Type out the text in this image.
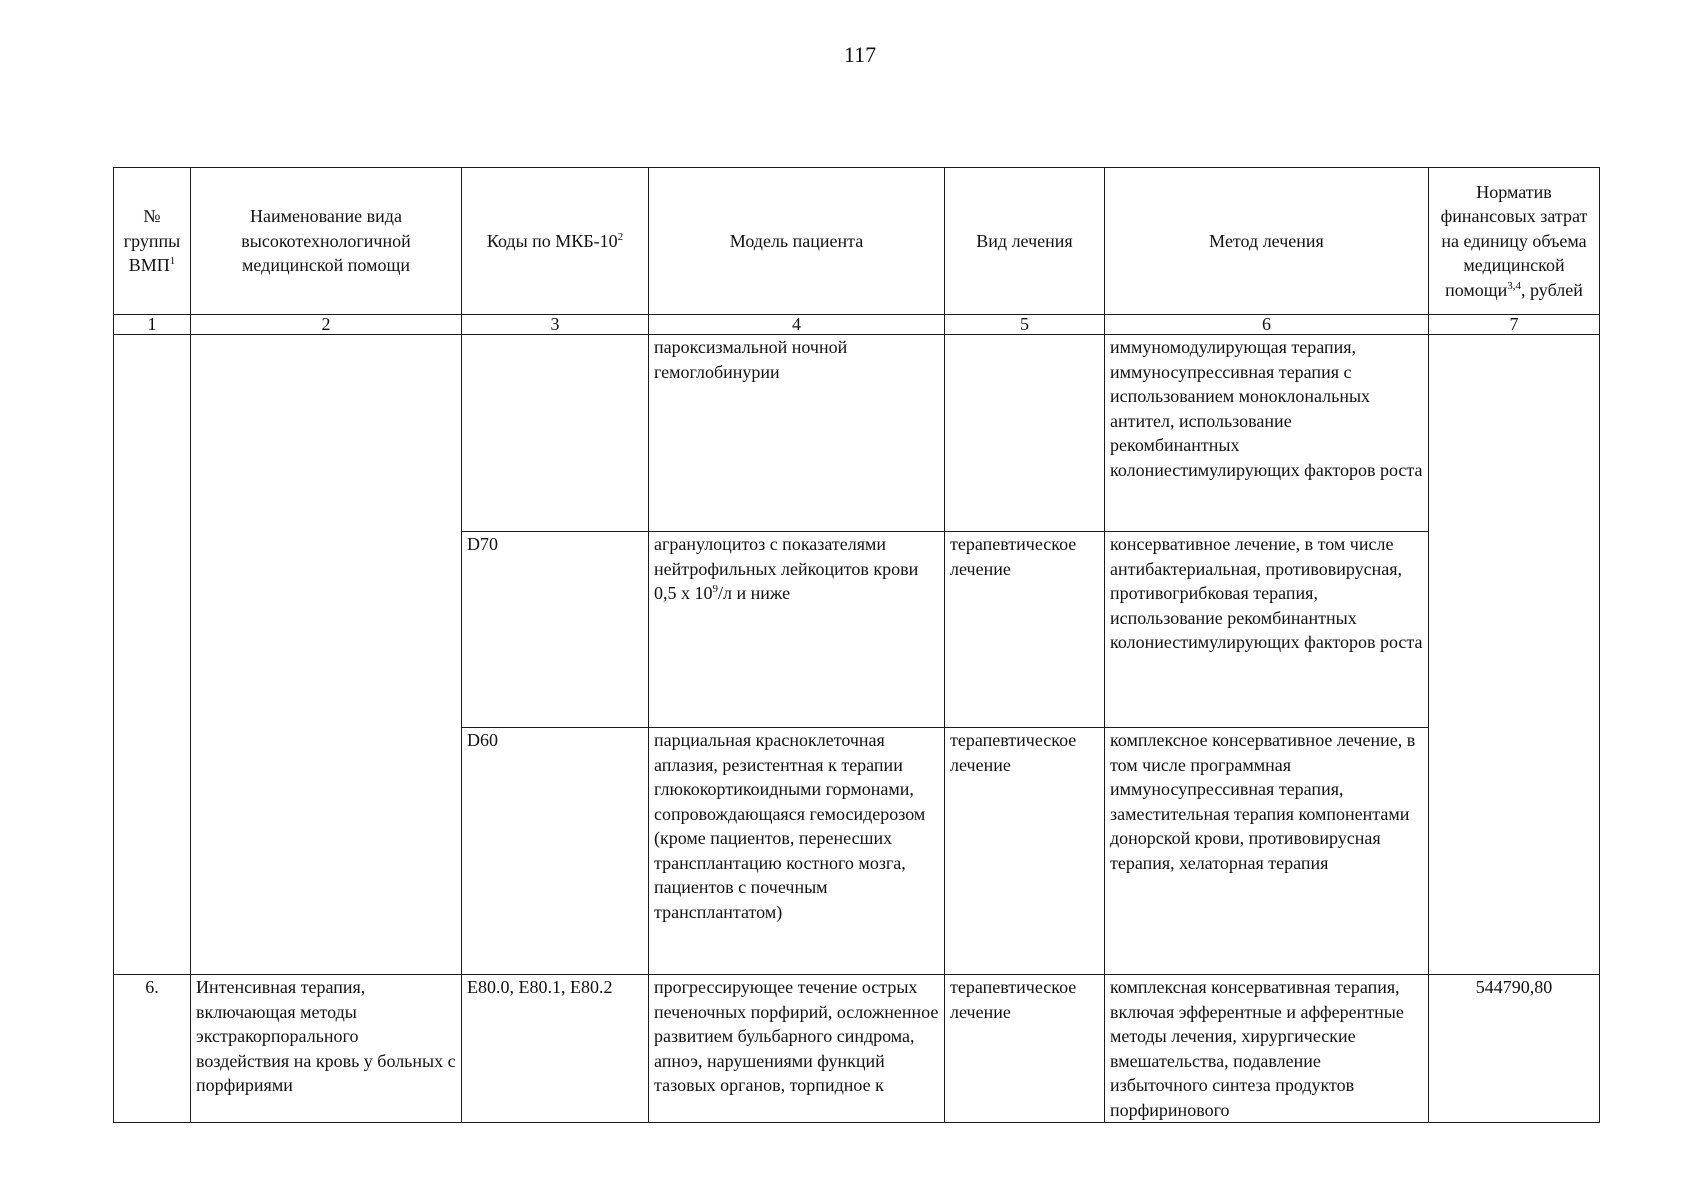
117
№
группы
ВМП$^1$	Наименование вида высокотехнологичной медицинской помощи	Коды по МКБ-$10^2$	Модель пациента	Вид лечения	Метод лечения	Норматив финансовых затрат на единицу объема медицинской помощи$^{3,4}$, рублей
1	2	3	4	5	6	7
			пароксизмальной ночной гемоглобинурии		иммуномодулирующая терапия, иммуносупрессивная терапия с использованием моноклональных антител, использование рекомбинантных колониестимулирующих факторов роста	
		D70	агранулоцитоз с показателями нейтрофильных лейкоцитов крови 0,5 x $10^9/л$ и ниже	терапевтическое лечение	консервативное лечение, в том числе антибактериальная, противовирусная, противогрибковая терапия, использование рекомбинантных колониестимулирующих факторов роста	
		D60	парциальная красноклеточная аплазия, резистентная к терапии глюкокортикоидными гормонами, сопровождающаяся гемосидерозом (кроме пациентов, перенесших трансплантацию костного мозга, пациентов с почечным трансплантатом)	терапевтическое лечение	комплексное консервативное лечение, в том числе программная иммуносупрессивная терапия, заместительная терапия компонентами донорской крови, противовирусная терапия, хелаторная терапия	
6.	Интенсивная терапия, включающая методы экстракорпорального воздействия на кровь у больных с порфириями	E80.0, E80.1, E80.2	прогрессирующее течение острых печеночных порфирий, осложненное развитием бульбарного синдрома, апноэ, нарушениями функций тазовых органов, торпидное к	терапевтическое лечение	комплексная консервативная терапия, включая эфферентные и афферентные методы лечения, хирургические вмешательства, подавление избыточного синтеза продуктов порфиринового	544790,80
